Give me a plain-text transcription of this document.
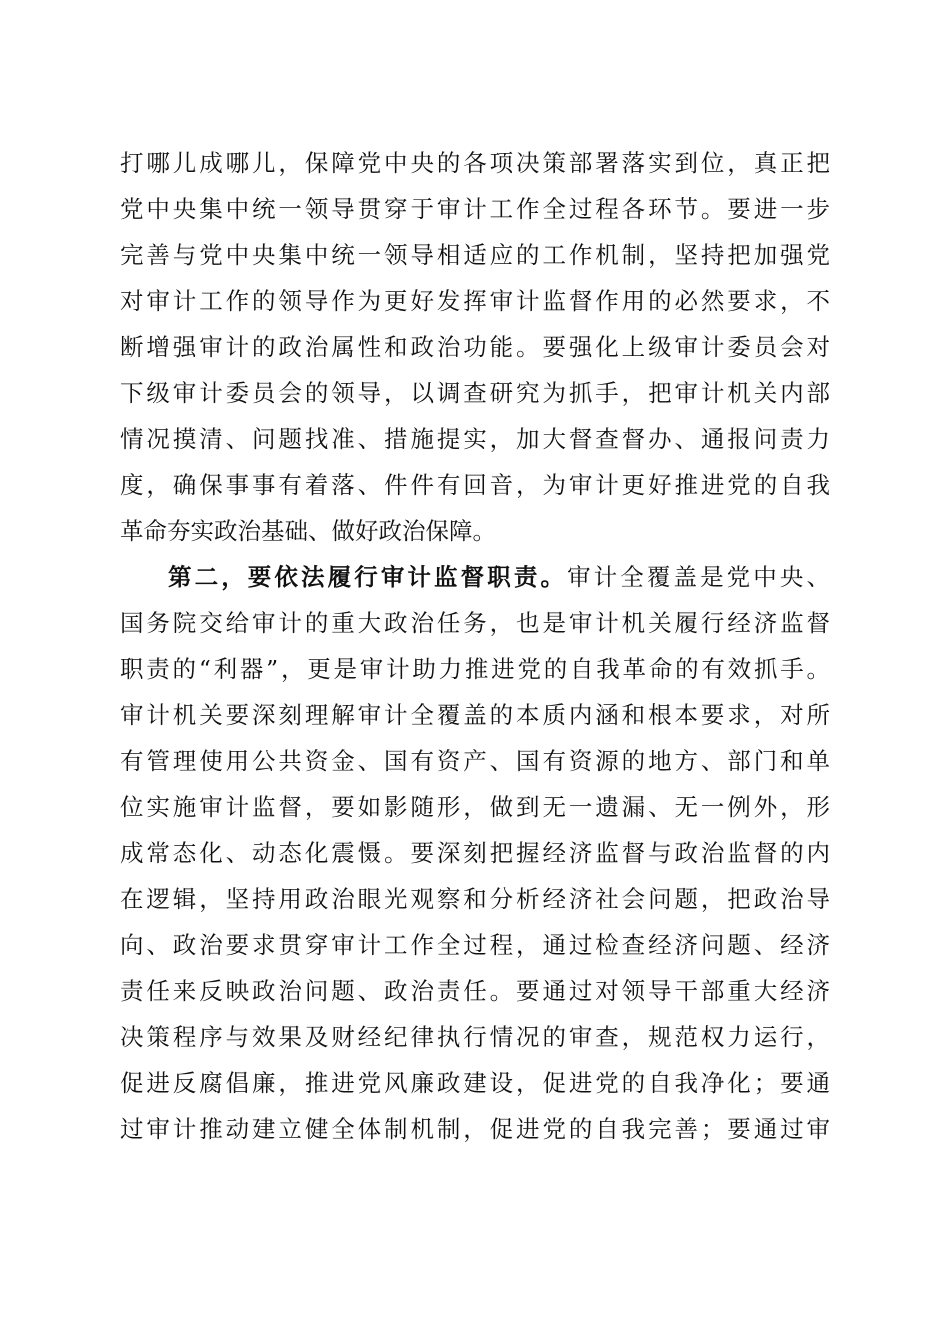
打哪儿成哪儿，保障党中央的各项决策部署落实到位，真正把
党中央集中统一领导贯穿于审计工作全过程各环节。要进一步
完善与党中央集中统一领导相适应的工作机制，坚持把加强党
对审计工作的领导作为更好发挥审计监督作用的必然要求，不
断增强审计的政治属性和政治功能。要强化上级审计委员会对
下级审计委员会的领导，以调查研究为抓手，把审计机关内部
情况摸清、问题找准、措施提实，加大督查督办、通报问责力
度，确保事事有着落、件件有回音，为审计更好推进党的自我
革命夯实政治基础、做好政治保障。
第二，要依法履行审计监督职责。审计全覆盖是党中央、
国务院交给审计的重大政治任务，也是审计机关履行经济监督
职责的“利器”，更是审计助力推进党的自我革命的有效抓手。
审计机关要深刻理解审计全覆盖的本质内涵和根本要求，对所
有管理使用公共资金、国有资产、国有资源的地方、部门和单
位实施审计监督，要如影随形，做到无一遗漏、无一例外，形
成常态化、动态化震慑。要深刻把握经济监督与政治监督的内
在逻辑，坚持用政治眼光观察和分析经济社会问题，把政治导
向、政治要求贯穿审计工作全过程，通过检查经济问题、经济
责任来反映政治问题、政治责任。要通过对领导干部重大经济
决策程序与效果及财经纪律执行情况的审查，规范权力运行，
促进反腐倡廉，推进党风廉政建设，促进党的自我净化；要通
过审计推动建立健全体制机制，促进党的自我完善；要通过审
